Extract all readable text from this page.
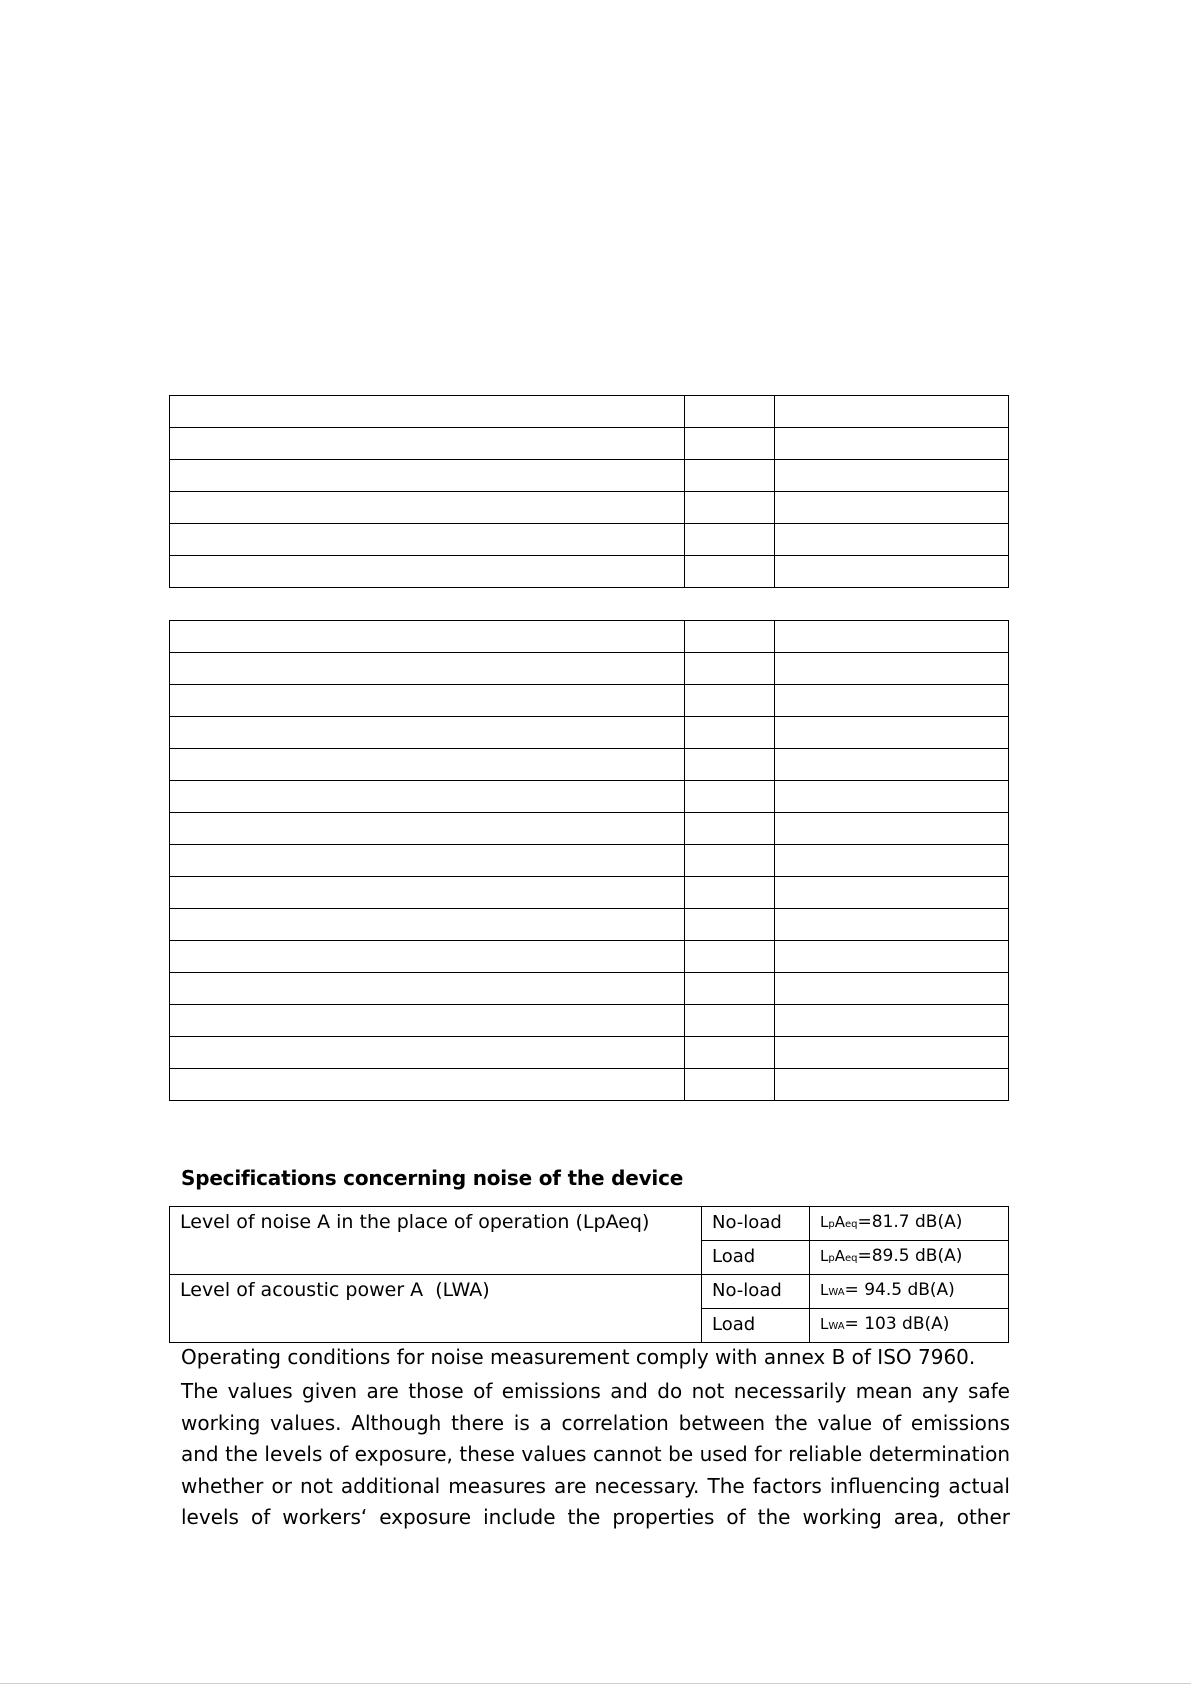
Specifications concerning noise of the device
Level of noise A in the place of operation (LpAeq)	No-load	LpAeq=81.7 dB(A)
	Load	LpAeq=89.5 dB(A)
Level of acoustic power A  (LWA)	No-load	LWA= 94.5 dB(A)
	Load	LWA= 103 dB(A)
Operating conditions for noise measurement comply with annex B of ISO 7960.
The values given are those of emissions and do not necessarily mean any safe working values. Although there is a correlation between the value of emissions and the levels of exposure, these values cannot be used for reliable determination whether or not additional measures are necessary. The factors influencing actual levels of workers‘ exposure include the properties of the working area, other
